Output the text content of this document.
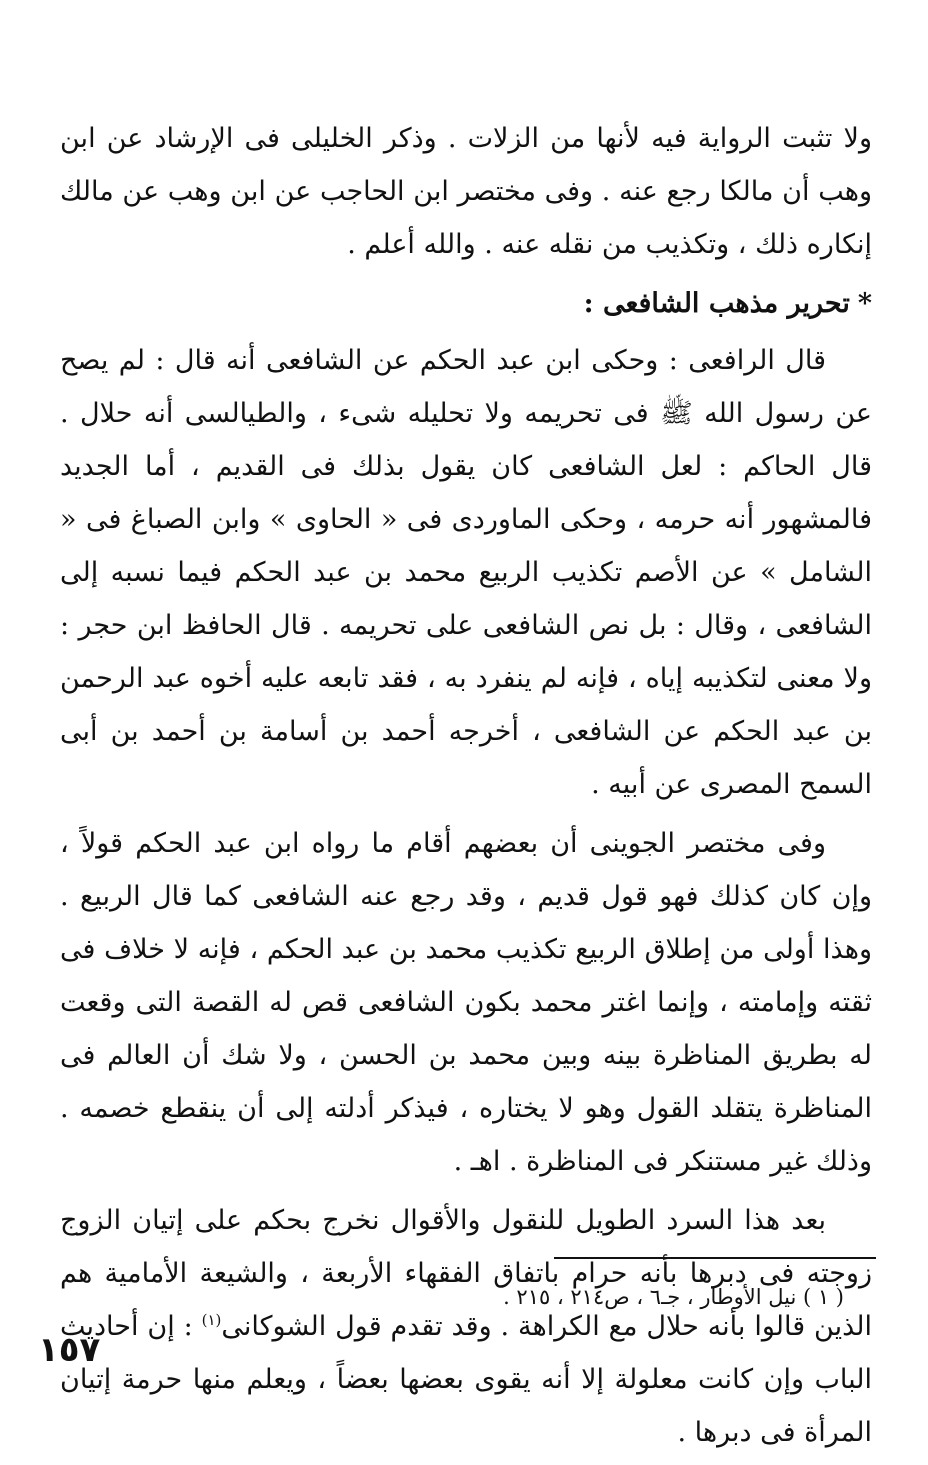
ولا تثبت الرواية فيه لأنها من الزلات . وذكر الخليلى فى الإرشاد عن ابن وهب أن مالكا رجع عنه . وفى مختصر ابن الحاجب عن ابن وهب عن مالك إنكاره ذلك ، وتكذيب من نقله عنه . والله أعلم .

*تحرير مذهب الشافعى :

قال الرافعى : وحكى ابن عبد الحكم عن الشافعى أنه قال : لم يصح عن رسول الله ﷺ فى تحريمه ولا تحليله شىء ، والطيالسى أنه حلال . قال الحاكم : لعل الشافعى كان يقول بذلك فى القديم ، أما الجديد فالمشهور أنه حرمه ، وحكى الماوردى فى « الحاوى » وابن الصباغ فى « الشامل » عن الأصم تكذيب الربيع محمد بن عبد الحكم فيما نسبه إلى الشافعى ، وقال : بل نص الشافعى على تحريمه . قال الحافظ ابن حجر : ولا معنى لتكذيبه إياه ، فإنه لم ينفرد به ، فقد تابعه عليه أخوه عبد الرحمن بن عبد الحكم عن الشافعى ، أخرجه أحمد بن أسامة بن أحمد بن أبى السمح المصرى عن أبيه .

وفى مختصر الجوينى أن بعضهم أقام ما رواه ابن عبد الحكم قولاً ، وإن كان كذلك فهو قول قديم ، وقد رجع عنه الشافعى كما قال الربيع . وهذا أولى من إطلاق الربيع تكذيب محمد بن عبد الحكم ، فإنه لا خلاف فى ثقته وإمامته ، وإنما اغتر محمد بكون الشافعى قص له القصة التى وقعت له بطريق المناظرة بينه وبين محمد بن الحسن ، ولا شك أن العالم فى المناظرة يتقلد القول وهو لا يختاره ، فيذكر أدلته إلى أن ينقطع خصمه . وذلك غير مستنكر فى المناظرة . اهـ .

بعد هذا السرد الطويل للنقول والأقوال نخرج بحكم على إتيان الزوج زوجته فى دبرها بأنه حرام باتفاق الفقهاء الأربعة ، والشيعة الأمامية هم الذين قالوا بأنه حلال مع الكراهة . وقد تقدم قول الشوكانى$^{(١)}$ : إن أحاديث الباب وإن كانت معلولة إلا أنه يقوى بعضها بعضاً ، ويعلم منها حرمة إتيان المرأة فى دبرها .

( ١ ) نيل الأوطار ، جـ٦ ، ص٢١٤ ، ٢١٥ .
١٥٧
